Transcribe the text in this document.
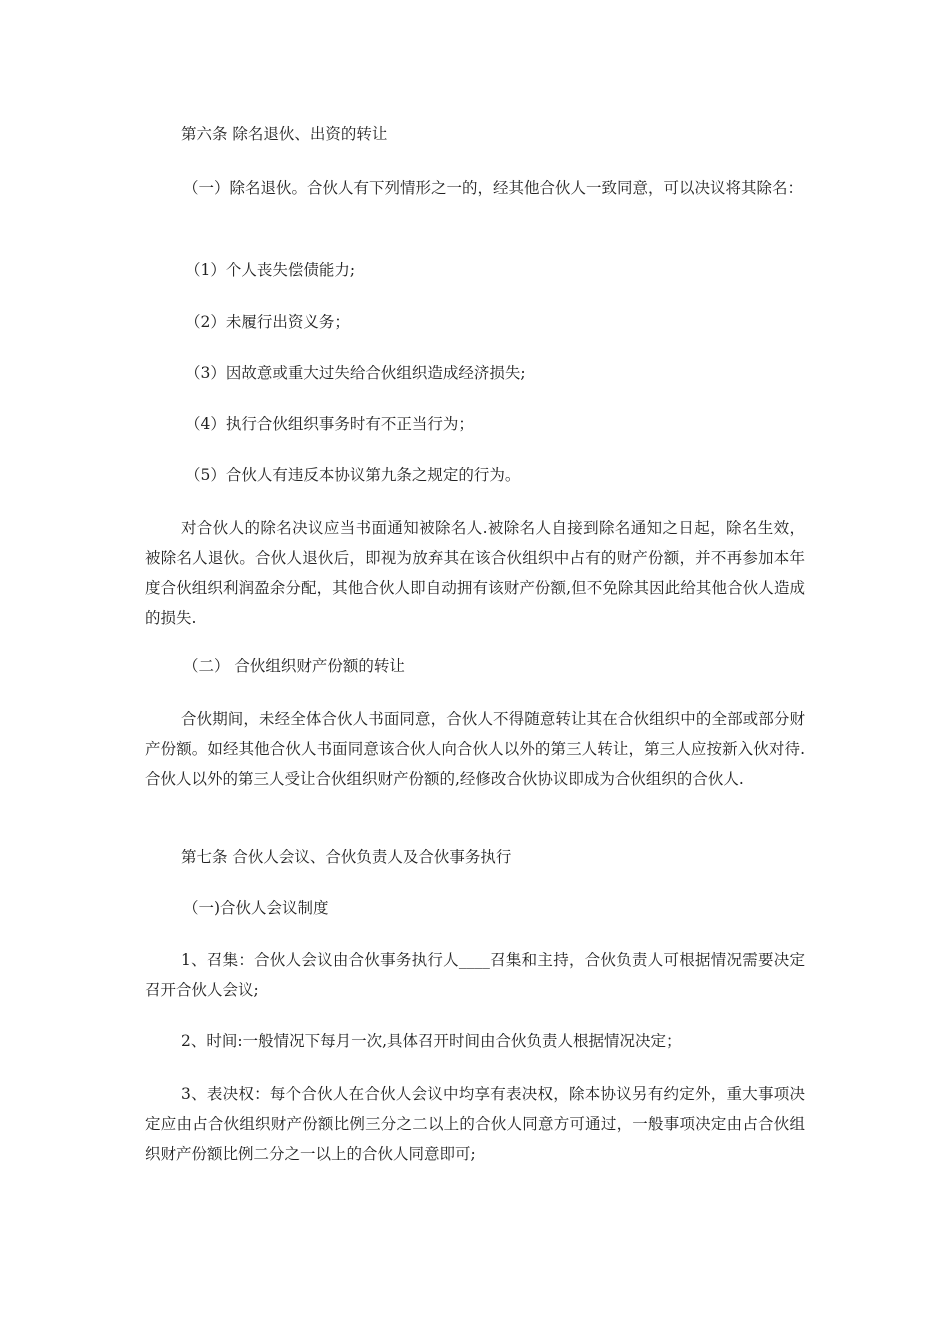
第六条 除名退伙、出资的转让

（一）除名退伙。合伙人有下列情形之一的，经其他合伙人一致同意，可以决议将其除名：

（1）个人丧失偿债能力;

（2）未履行出资义务；

（3）因故意或重大过失给合伙组织造成经济损失;

（4）执行合伙组织事务时有不正当行为；

（5）合伙人有违反本协议第九条之规定的行为。

对合伙人的除名决议应当书面通知被除名人.被除名人自接到除名通知之日起，除名生效，被除名人退伙。合伙人退伙后，即视为放弃其在该合伙组织中占有的财产份额，并不再参加本年度合伙组织利润盈余分配，其他合伙人即自动拥有该财产份额,但不免除其因此给其他合伙人造成的损失.

（二） 合伙组织财产份额的转让

合伙期间，未经全体合伙人书面同意，合伙人不得随意转让其在合伙组织中的全部或部分财产份额。如经其他合伙人书面同意该合伙人向合伙人以外的第三人转让，第三人应按新入伙对待.合伙人以外的第三人受让合伙组织财产份额的,经修改合伙协议即成为合伙组织的合伙人.

第七条 合伙人会议、合伙负责人及合伙事务执行

（一)合伙人会议制度

1、召集：合伙人会议由合伙事务执行人____召集和主持，合伙负责人可根据情况需要决定召开合伙人会议;

2、时间:一般情况下每月一次,具体召开时间由合伙负责人根据情况决定；

3、表决权：每个合伙人在合伙人会议中均享有表决权，除本协议另有约定外，重大事项决定应由占合伙组织财产份额比例三分之二以上的合伙人同意方可通过，一般事项决定由占合伙组织财产份额比例二分之一以上的合伙人同意即可;
